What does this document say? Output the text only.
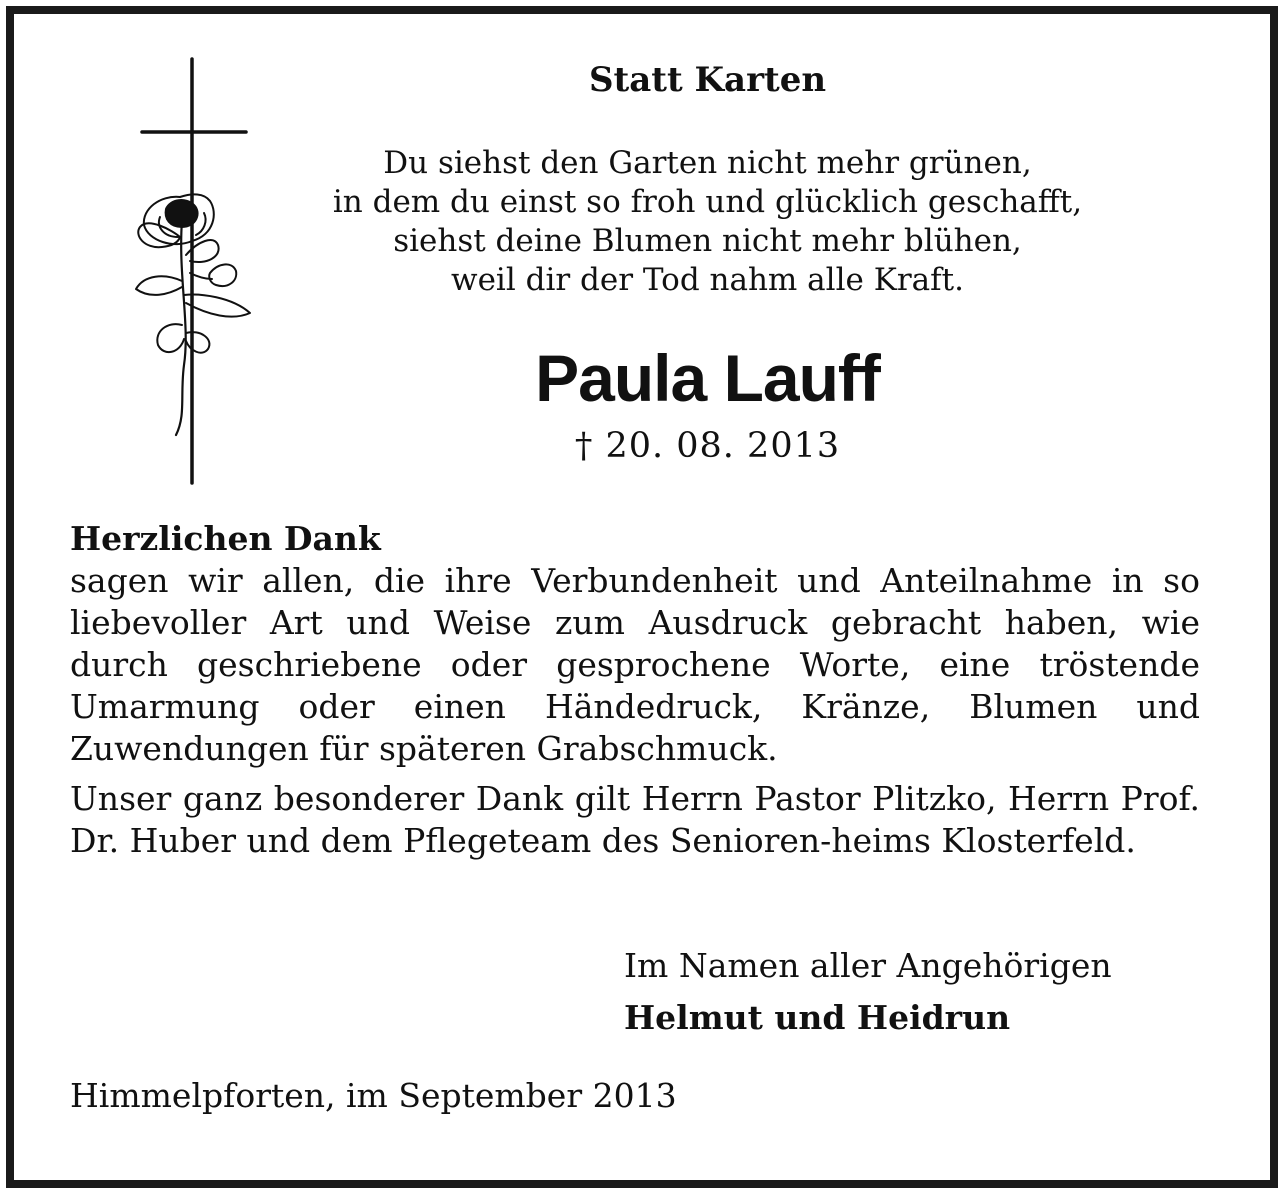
Statt Karten
Du siehst den Garten nicht mehr grünen,
in dem du einst so froh und glücklich geschafft,
siehst deine Blumen nicht mehr blühen,
weil dir der Tod nahm alle Kraft.
Paula Lauff
† 20. 08. 2013
Herzlichen Dank
sagen wir allen, die ihre Verbundenheit und Anteilnahme in so liebevoller Art und Weise zum Ausdruck gebracht haben, wie durch geschriebene oder gesprochene Worte, eine tröstende Umarmung oder einen Händedruck, Kränze, Blumen und Zuwendungen für späteren Grabschmuck.
Unser ganz besonderer Dank gilt Herrn Pastor Plitzko, Herrn Prof. Dr. Huber und dem Pflegeteam des Senioren-heims Klosterfeld.
Im Namen aller Angehörigen
Helmut und Heidrun
Himmelpforten, im September 2013
